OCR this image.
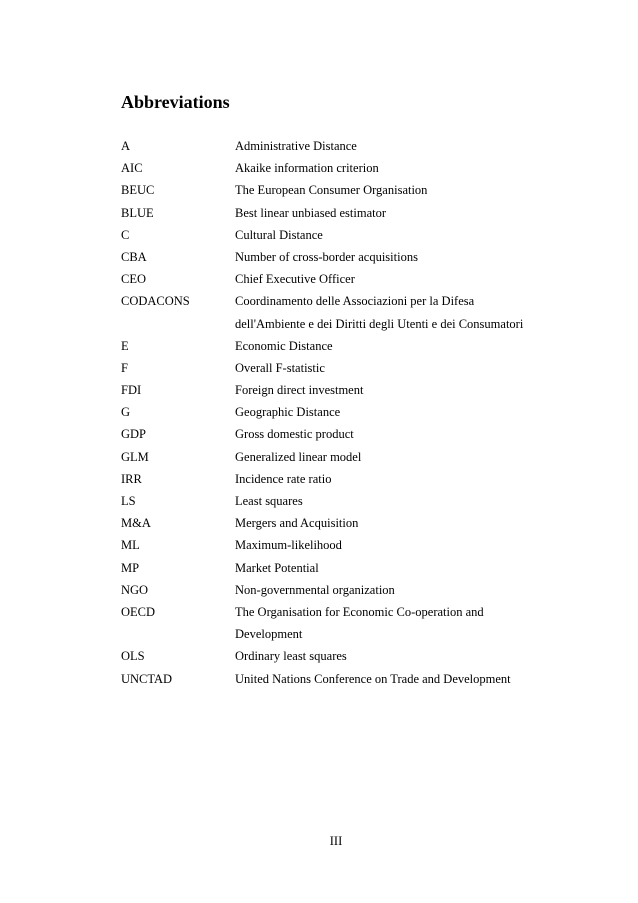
Abbreviations
A	Administrative Distance
AIC	Akaike information criterion
BEUC	The European Consumer Organisation
BLUE	Best linear unbiased estimator
C	Cultural Distance
CBA	Number of cross-border acquisitions
CEO	Chief Executive Officer
CODACONS	Coordinamento delle Associazioni per la Difesa
dell'Ambiente e dei Diritti degli Utenti e dei Consumatori
E	Economic Distance
F	Overall F-statistic
FDI	Foreign direct investment
G	Geographic Distance
GDP	Gross domestic product
GLM	Generalized linear model
IRR	Incidence rate ratio
LS	Least squares
M&A	Mergers and Acquisition
ML	Maximum-likelihood
MP	Market Potential
NGO	Non-governmental organization
OECD	The Organisation for Economic Co-operation and
Development
OLS	Ordinary least squares
UNCTAD	United Nations Conference on Trade and Development
III
